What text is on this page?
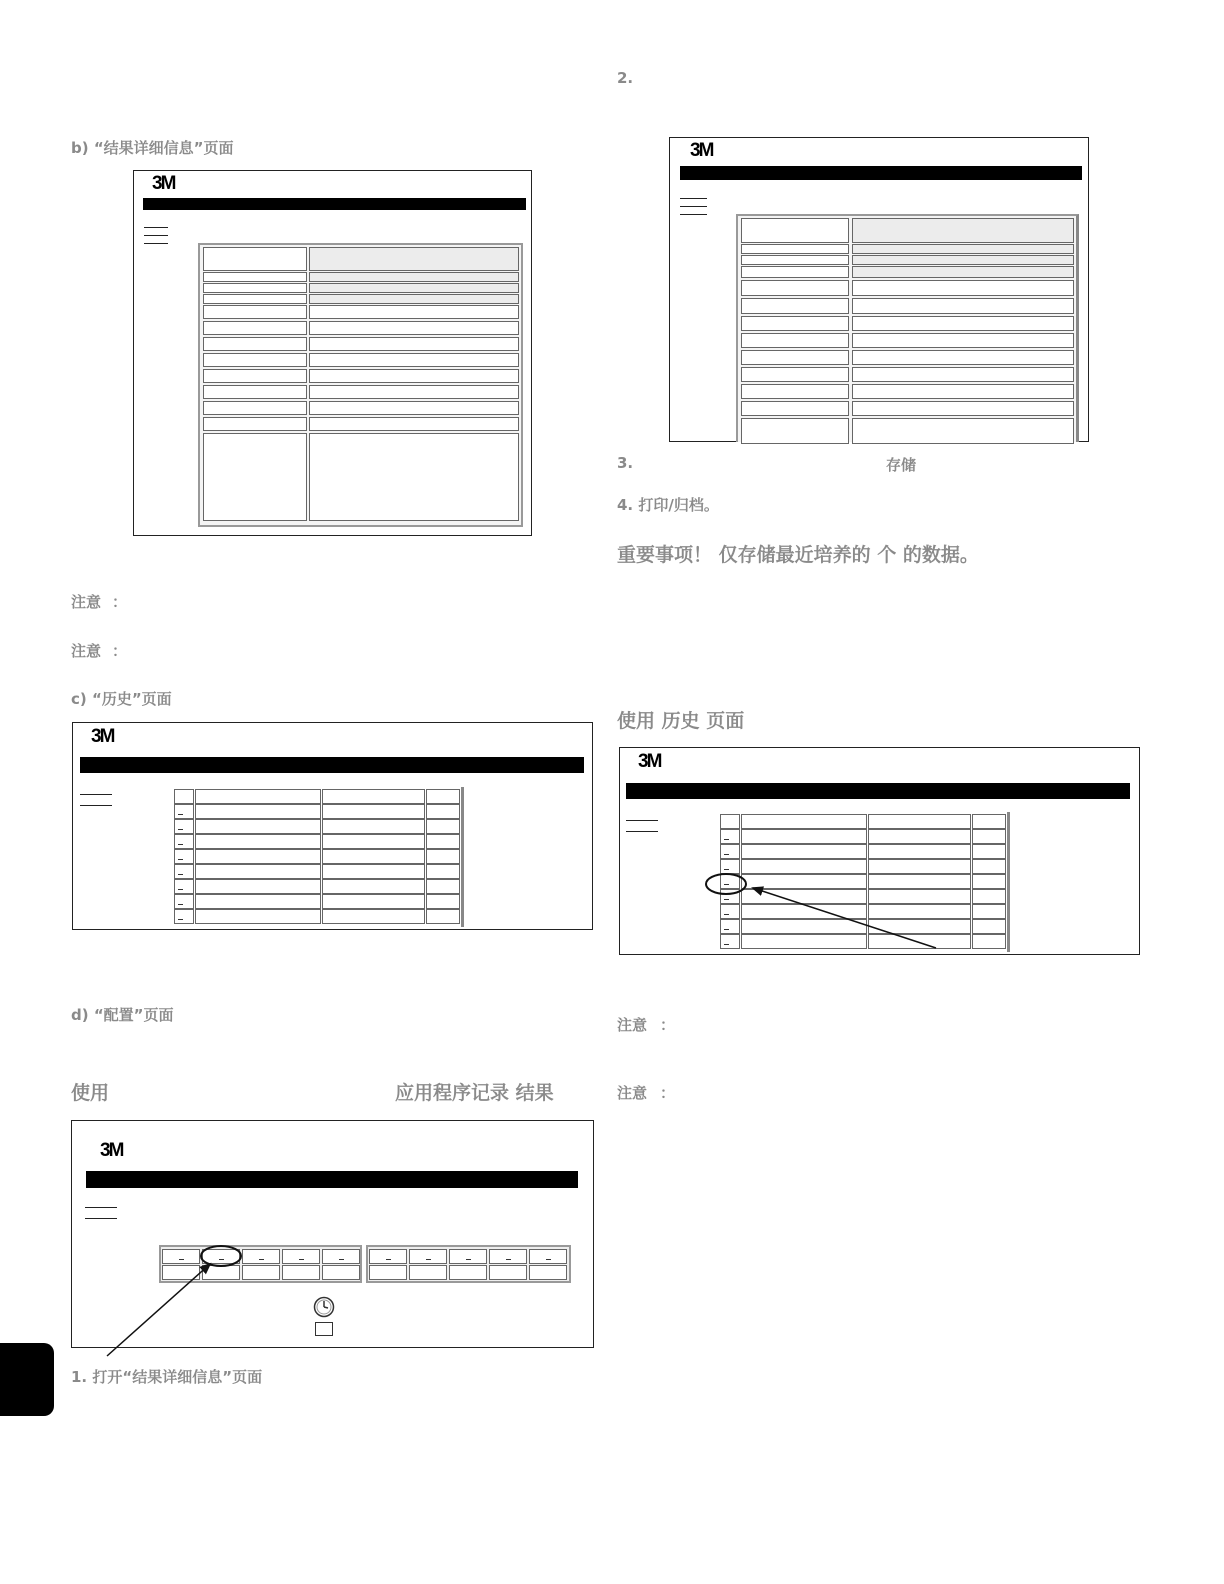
b) “结果详细信息”页面
3M
注意 ：
注意 ：
c) “历史”页面
3M
d) “配置”页面
使用	应用程序记录 结果
3M
1. 打开“结果详细信息”页面
2.
3M
3.	存储
4. 打印/归档。
重要事项！ 仅存储最近培养的 个 的数据。
使用 历史 页面
3M
注意 ：
注意 ：
